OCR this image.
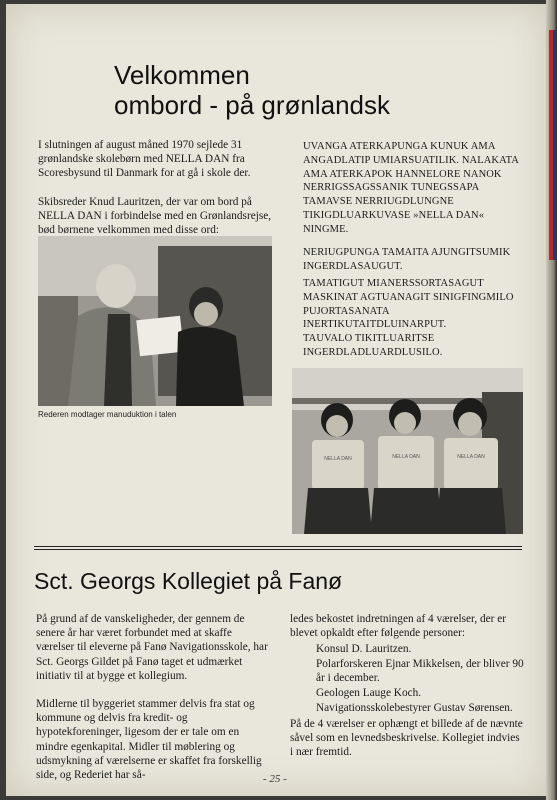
Velkommen
ombord - på grønlandsk

I slutningen af august måned 1970 sejlede 31 grønlandske skolebørn med NELLA DAN fra Scoresbysund til Danmark for at gå i skole der.

Skibsreder Knud Lauritzen, der var om bord på NELLA DAN i forbindelse med en Grønlandsrejse, bød børnene velkommen med disse ord:

Rederen modtager manuduktion i talen

UVANGA ATERKAPUNGA KUNUK AMA ANGADLATIP UMIARSUATILIK. NALAKATA AMA ATERKAPOK HANNELORE NANOK NERRIGSSAGSSANIK TUNEGSSAPA TAMAVSE NERRIUGDLUNGNE TIKIGDLUARKUVASE »NELLA DAN« NINGME.

NERIUGPUNGA TAMAITA AJUNGITSUMIK INGERDLASAUGUT.

TAMATIGUT MIANERSSORTASAGUT MASKINAT AGTUANAGIT SINIGFINGMILO PUJORTASANATA INERTIKUTAITDLUINARPUT.

TAUVALO TIKITLUARITSE INGERDLADLUARDLUSILO.

NELLA DAN	NELLA DAN	NELLA DAN
Sct. Georgs Kollegiet på Fanø

På grund af de vanskeligheder, der gennem de senere år har været forbundet med at skaffe værelser til eleverne på Fanø Navigationsskole, har Sct. Georgs Gildet på Fanø taget et udmærket initiativ til at bygge et kollegium.

Midlerne til byggeriet stammer delvis fra stat og kommune og delvis fra kredit- og hypotekforeninger, ligesom der er tale om en mindre egenkapital. Midler til møblering og udsmykning af værelserne er skaffet fra forskellig side, og Rederiet har så-

ledes bekostet indretningen af 4 værelser, der er blevet opkaldt efter følgende personer:

Konsul D. Lauritzen.

Polarforskeren Ejnar Mikkelsen, der bliver 90 år i december.

Geologen Lauge Koch.

Navigationsskolebestyrer Gustav Sørensen.

På de 4 værelser er ophængt et billede af de nævnte såvel som en levnedsbeskrivelse. Kollegiet indvies i nær fremtid.

- 25 -
